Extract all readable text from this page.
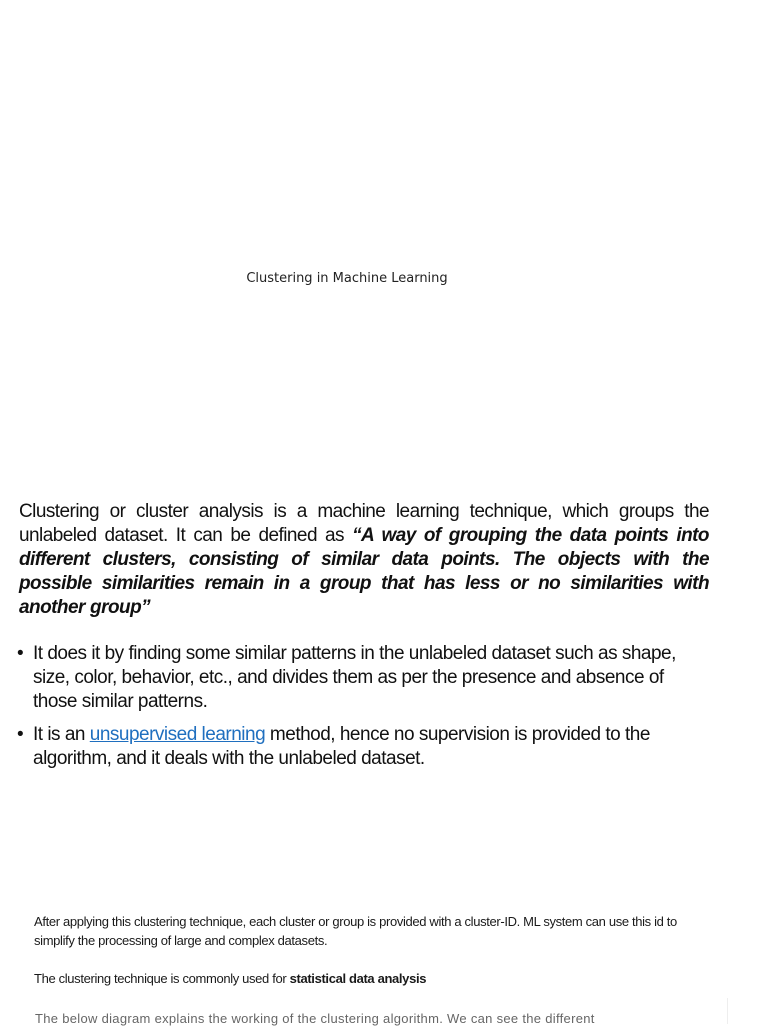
Clustering in Machine Learning

Clustering or cluster analysis is a machine learning technique, which groups the unlabeled dataset. It can be defined as “A way of grouping the data points into different clusters, consisting of similar data points. The objects with the possible similarities remain in a group that has less or no similarities with another group”

• It does it by finding some similar patterns in the unlabeled dataset such as shape, size, color, behavior, etc., and divides them as per the presence and absence of those similar patterns.
• It is an unsupervised learning method, hence no supervision is provided to the algorithm, and it deals with the unlabeled dataset.

After applying this clustering technique, each cluster or group is provided with a cluster-ID. ML system can use this id to simplify the processing of large and complex datasets.

The clustering technique is commonly used for statistical data analysis

The below diagram explains the working of the clustering algorithm. We can see the different
